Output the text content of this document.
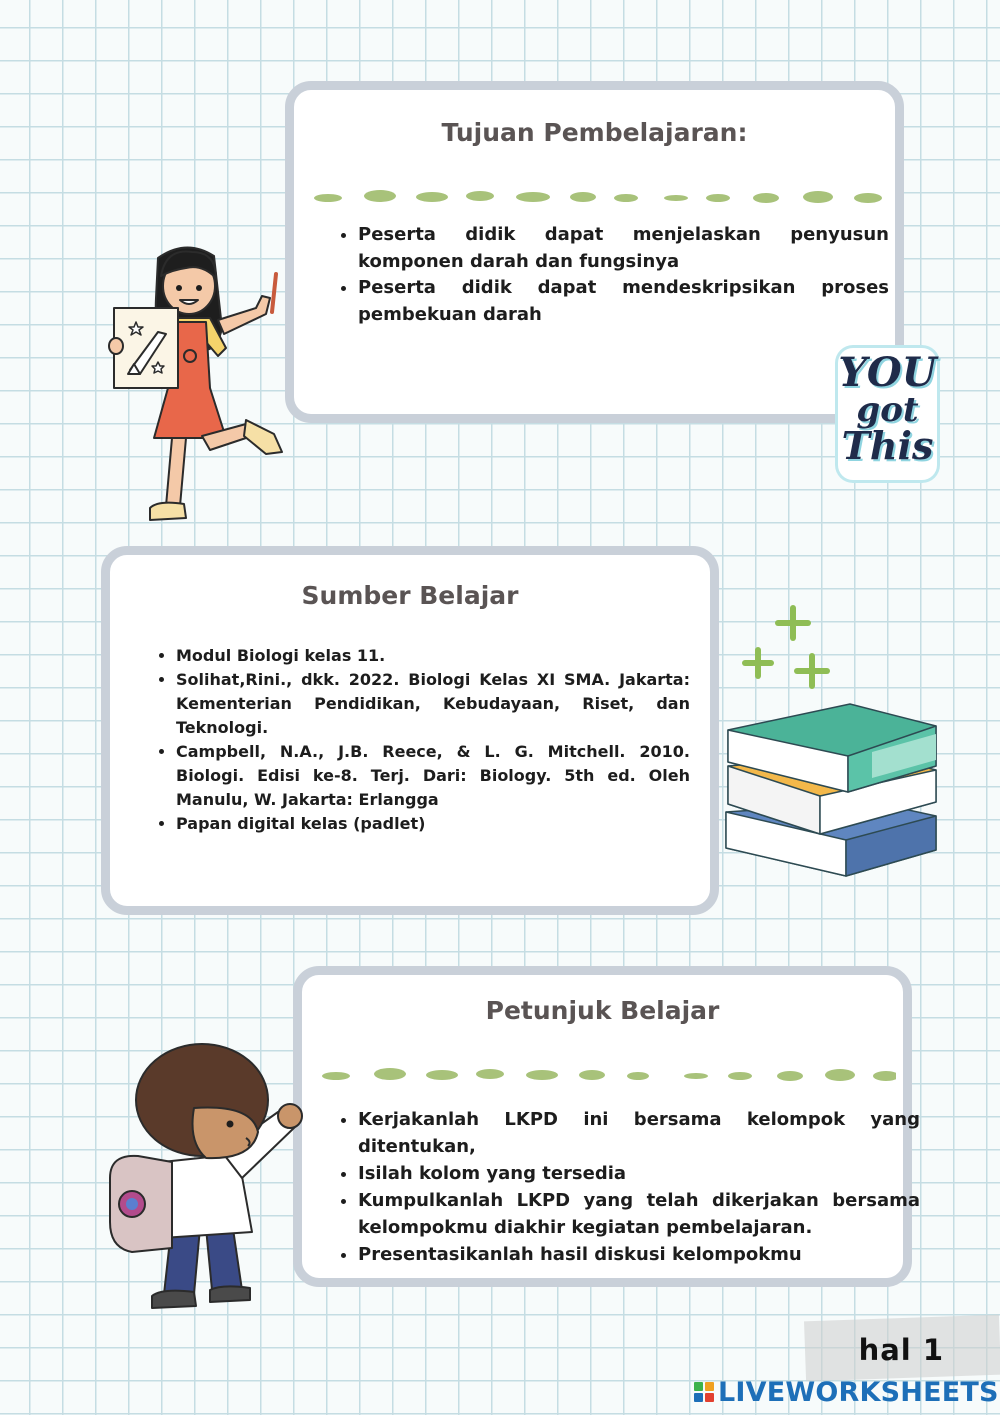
Tujuan Pembelajaran:
• Peserta didik dapat menjelaskan penyusun komponen darah dan fungsinya
• Peserta didik dapat mendeskripsikan proses pembekuan darah
Sumber Belajar
• Modul Biologi kelas 11.
• Solihat,Rini., dkk. 2022. Biologi Kelas XI SMA. Jakarta: Kementerian Pendidikan, Kebudayaan, Riset, dan Teknologi.
• Campbell, N.A., J.B. Reece, & L. G. Mitchell. 2010. Biologi. Edisi ke-8. Terj. Dari: Biology. 5th ed. Oleh Manulu, W. Jakarta: Erlangga
• Papan digital kelas (padlet)
Petunjuk Belajar
• Kerjakanlah LKPD ini bersama kelompok yang ditentukan,
• Isilah kolom yang tersedia
• Kumpulkanlah LKPD yang telah dikerjakan bersama kelompokmu diakhir kegiatan pembelajaran.
• Presentasikanlah hasil diskusi kelompokmu
YOU
got
This
hal 1
LIVEWORKSHEETS
